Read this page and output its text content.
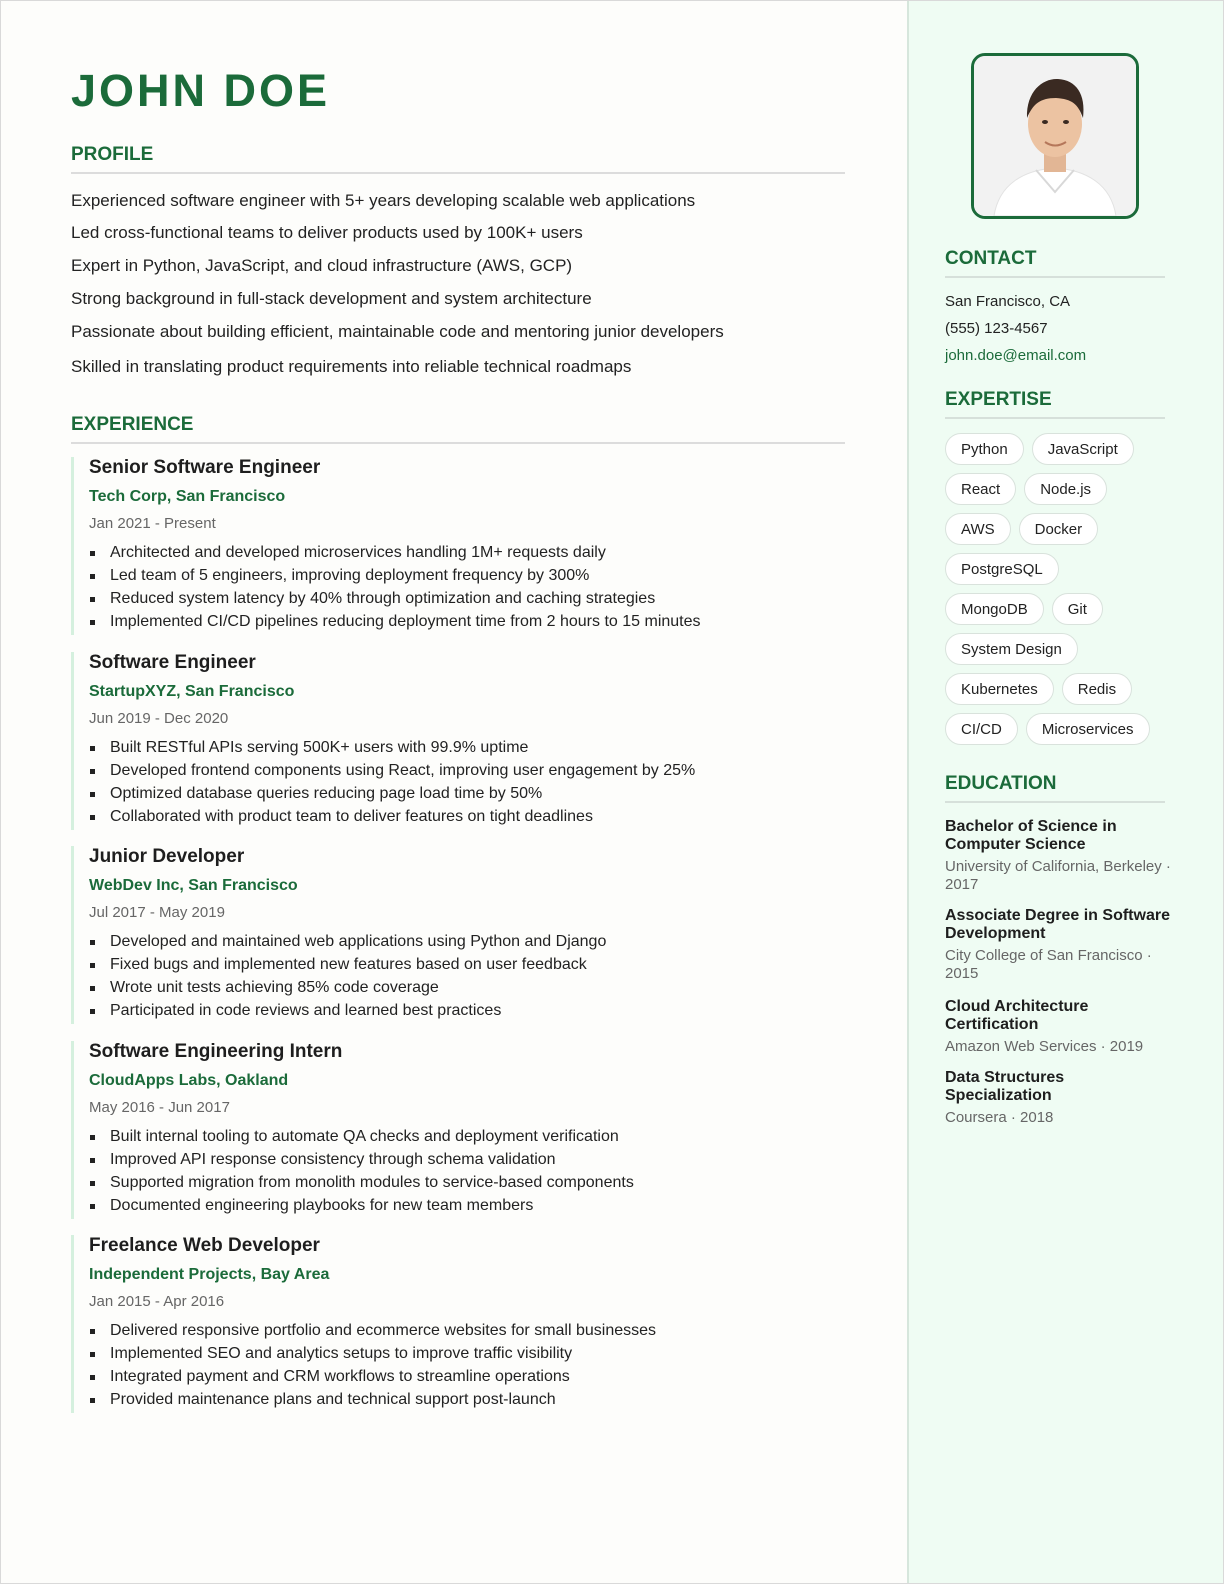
JOHN DOE
PROFILE
Experienced software engineer with 5+ years developing scalable web applications
Led cross-functional teams to deliver products used by 100K+ users
Expert in Python, JavaScript, and cloud infrastructure (AWS, GCP)
Strong background in full-stack development and system architecture
Passionate about building efficient, maintainable code and mentoring junior developers
Skilled in translating product requirements into reliable technical roadmaps
EXPERIENCE
Senior Software Engineer
Tech Corp, San Francisco
Jan 2021 - Present
Architected and developed microservices handling 1M+ requests daily
Led team of 5 engineers, improving deployment frequency by 300%
Reduced system latency by 40% through optimization and caching strategies
Implemented CI/CD pipelines reducing deployment time from 2 hours to 15 minutes
Software Engineer
StartupXYZ, San Francisco
Jun 2019 - Dec 2020
Built RESTful APIs serving 500K+ users with 99.9% uptime
Developed frontend components using React, improving user engagement by 25%
Optimized database queries reducing page load time by 50%
Collaborated with product team to deliver features on tight deadlines
Junior Developer
WebDev Inc, San Francisco
Jul 2017 - May 2019
Developed and maintained web applications using Python and Django
Fixed bugs and implemented new features based on user feedback
Wrote unit tests achieving 85% code coverage
Participated in code reviews and learned best practices
Software Engineering Intern
CloudApps Labs, Oakland
May 2016 - Jun 2017
Built internal tooling to automate QA checks and deployment verification
Improved API response consistency through schema validation
Supported migration from monolith modules to service-based components
Documented engineering playbooks for new team members
Freelance Web Developer
Independent Projects, Bay Area
Jan 2015 - Apr 2016
Delivered responsive portfolio and ecommerce websites for small businesses
Implemented SEO and analytics setups to improve traffic visibility
Integrated payment and CRM workflows to streamline operations
Provided maintenance plans and technical support post-launch
CONTACT

San Francisco, CA

(555) 123-4567

john.doe@email.com

EXPERTISE
Python	JavaScript
React	Node.js
AWS	Docker
PostgreSQL
MongoDB	Git
System Design
Kubernetes	Redis
CI/CD	Microservices
EDUCATION
Bachelor of Science in Computer Science
University of California, Berkeley · 2017
Associate Degree in Software Development
City College of San Francisco · 2015
Cloud Architecture Certification
Amazon Web Services · 2019
Data Structures Specialization
Coursera · 2018
